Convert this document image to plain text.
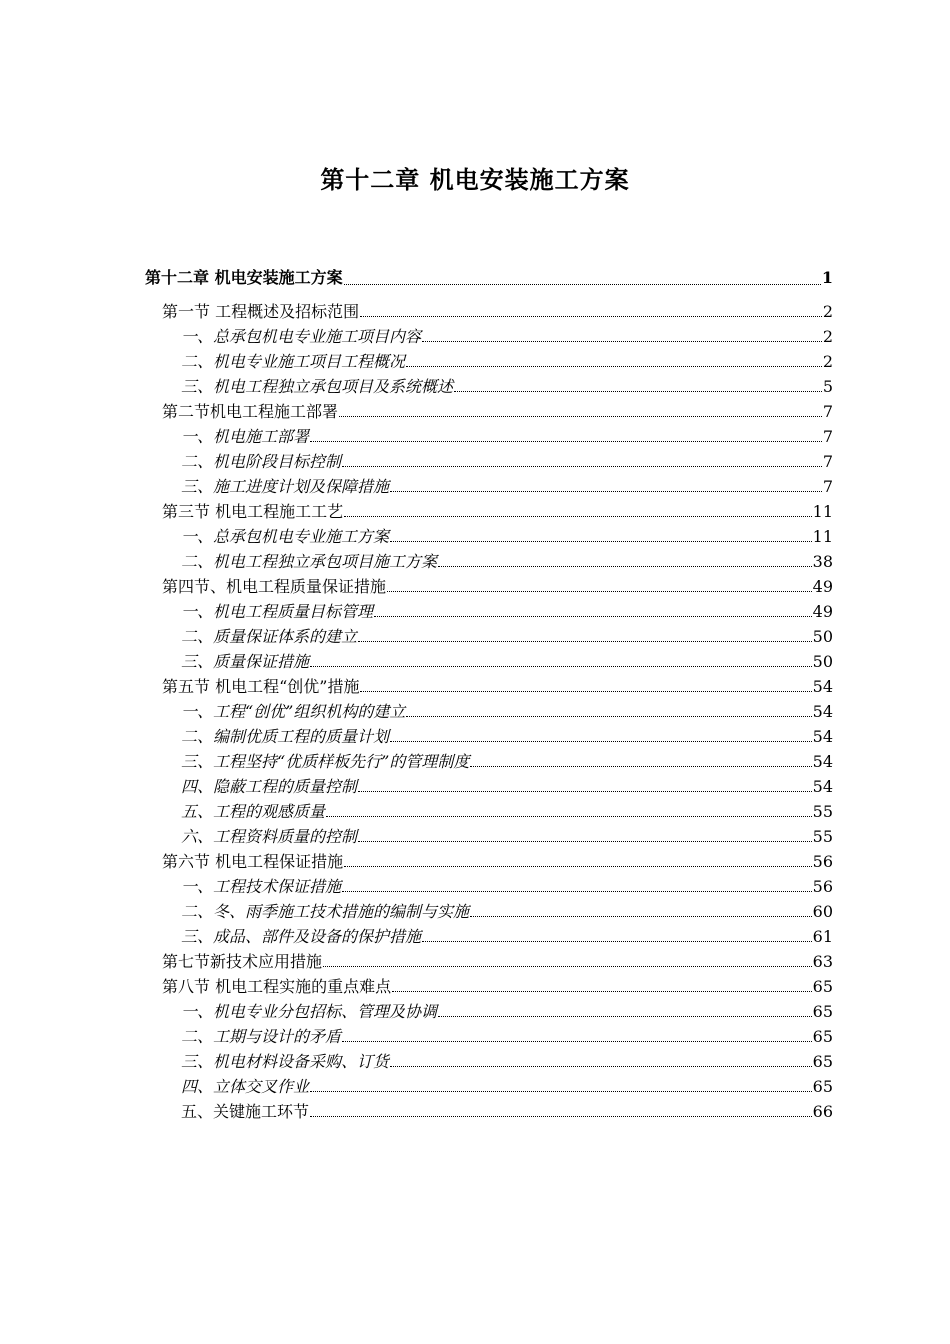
第十二章 机电安装施工方案
第十二章 机电安装施工方案	1
第一节 工程概述及招标范围	2
一、总承包机电专业施工项目内容	2
二、机电专业施工项目工程概况	2
三、机电工程独立承包项目及系统概述	5
第二节机电工程施工部署	7
一、机电施工部署	7
二、机电阶段目标控制	7
三、施工进度计划及保障措施	7
第三节 机电工程施工工艺	11
一、总承包机电专业施工方案	11
二、机电工程独立承包项目施工方案	38
第四节、机电工程质量保证措施	49
一、机电工程质量目标管理	49
二、质量保证体系的建立	50
三、质量保证措施	50
第五节 机电工程“创优”措施	54
一、工程“创优”组织机构的建立	54
二、编制优质工程的质量计划	54
三、工程坚持“优质样板先行”的管理制度	54
四、隐蔽工程的质量控制	54
五、工程的观感质量	55
六、工程资料质量的控制	55
第六节 机电工程保证措施	56
一、工程技术保证措施	56
二、冬、雨季施工技术措施的编制与实施	60
三、成品、部件及设备的保护措施	61
第七节新技术应用措施	63
第八节 机电工程实施的重点难点	65
一、机电专业分包招标、管理及协调	65
二、工期与设计的矛盾	65
三、机电材料设备采购、订货	65
四、立体交叉作业	65
五、关键施工环节	66
